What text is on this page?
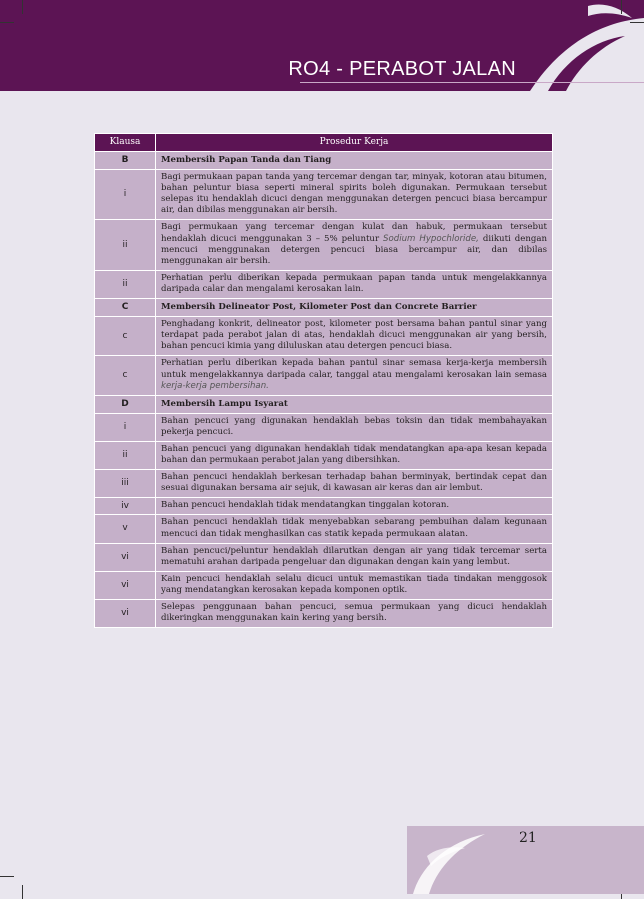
RO4 - PERABOT JALAN
Klausa	Prosedur Kerja
B	Membersih Papan Tanda dan Tiang
i	Bagi permukaan papan tanda yang tercemar dengan tar, minyak, kotoran atau bitumen, bahan peluntur biasa seperti mineral spirits boleh digunakan. Permukaan tersebut selepas itu hendaklah dicuci dengan menggunakan detergen pencuci biasa bercampur air, dan dibilas menggunakan air bersih.
ii	Bagi permukaan yang tercemar dengan kulat dan habuk, permukaan tersebut hendaklah dicuci menggunakan 3 – 5% peluntur Sodium Hypochloride, diikuti dengan mencuci menggunakan detergen pencuci biasa bercampur air, dan dibilas menggunakan air bersih.
ii	Perhatian perlu diberikan kepada permukaan papan tanda untuk mengelakkannya daripada calar dan mengalami kerosakan lain.
C	Membersih Delineator Post, Kilometer Post dan Concrete Barrier
c	Penghadang konkrit, delineator post, kilometer post bersama bahan pantul sinar yang terdapat pada perabot jalan di atas, hendaklah dicuci menggunakan air yang bersih, bahan pencuci kimia yang diluluskan atau detergen pencuci biasa.
c	Perhatian perlu diberikan kepada bahan pantul sinar semasa kerja-kerja membersih untuk mengelakkannya daripada calar, tanggal atau mengalami kerosakan lain semasa kerja-kerja pembersihan.
D	Membersih Lampu Isyarat
i	Bahan pencuci yang digunakan hendaklah bebas toksin dan tidak membahayakan pekerja pencuci.
ii	Bahan pencuci yang digunakan hendaklah tidak mendatangkan apa-apa kesan kepada bahan dan permukaan perabot jalan yang dibersihkan.
iii	Bahan pencuci hendaklah berkesan terhadap bahan berminyak, bertindak cepat dan sesuai digunakan bersama air sejuk, di kawasan air keras dan air lembut.
iv	Bahan pencuci hendaklah tidak mendatangkan tinggalan kotoran.
v	Bahan pencuci hendaklah tidak menyebabkan sebarang pembuihan dalam kegunaan mencuci dan tidak menghasilkan cas statik kepada permukaan alatan.
vi	Bahan pencuci/peluntur hendaklah dilarutkan dengan air yang tidak tercemar serta mematuhi arahan daripada pengeluar dan digunakan dengan kain yang lembut.
vi	Kain pencuci hendaklah selalu dicuci untuk memastikan tiada tindakan menggosok yang mendatangkan kerosakan kepada komponen optik.
vi	Selepas penggunaan bahan pencuci, semua permukaan yang dicuci hendaklah dikeringkan menggunakan kain kering yang bersih.
21
